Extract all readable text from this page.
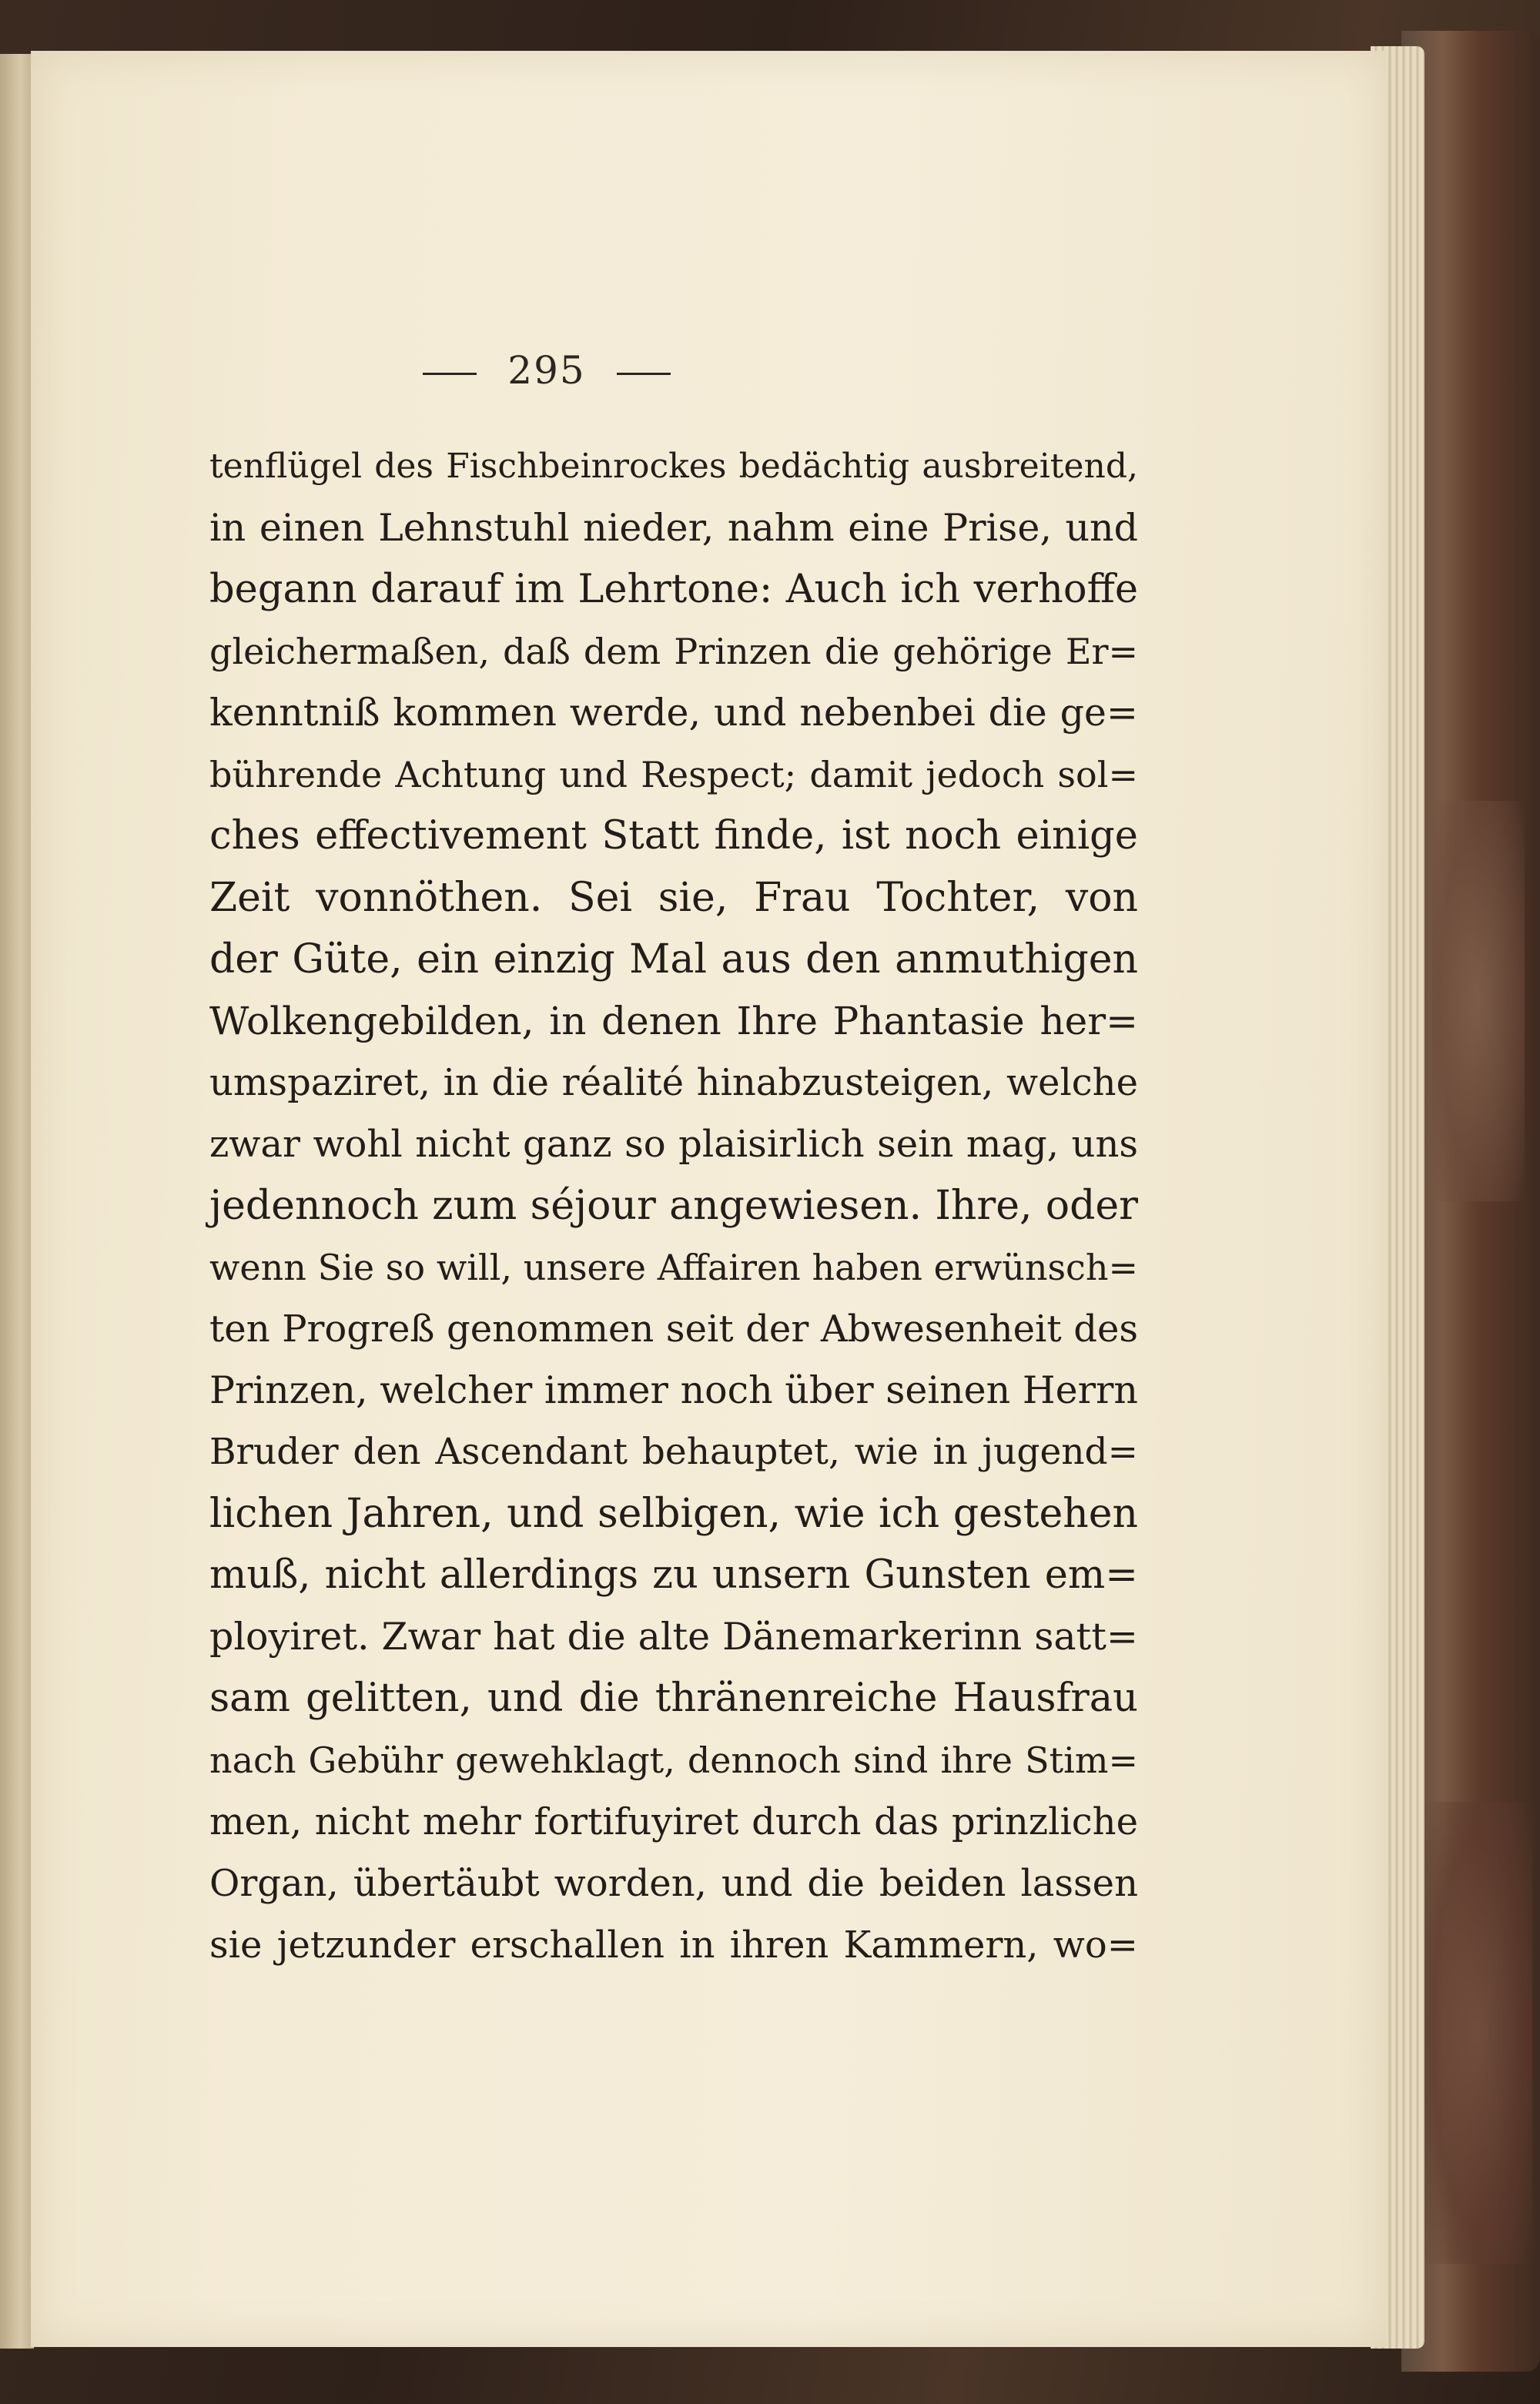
295
tenflügel des Fischbeinrockes bedächtig ausbreitend,
in einen Lehnstuhl nieder, nahm eine Prise, und
begann darauf im Lehrtone: Auch ich verhoffe
gleichermaßen, daß dem Prinzen die gehörige Er=
kenntniß kommen werde, und nebenbei die ge=
bührende Achtung und Respect; damit jedoch sol=
ches effectivement Statt finde, ist noch einige
Zeit vonnöthen. Sei sie, Frau Tochter, von
der Güte, ein einzig Mal aus den anmuthigen
Wolkengebilden, in denen Ihre Phantasie her=
umspaziret, in die réalité hinabzusteigen, welche
zwar wohl nicht ganz so plaisirlich sein mag, uns
jedennoch zum séjour angewiesen. Ihre, oder
wenn Sie so will, unsere Affairen haben erwünsch=
ten Progreß genommen seit der Abwesenheit des
Prinzen, welcher immer noch über seinen Herrn
Bruder den Ascendant behauptet, wie in jugend=
lichen Jahren, und selbigen, wie ich gestehen
muß, nicht allerdings zu unsern Gunsten em=
ployiret. Zwar hat die alte Dänemarkerinn satt=
sam gelitten, und die thränenreiche Hausfrau
nach Gebühr gewehklagt, dennoch sind ihre Stim=
men, nicht mehr fortifuyiret durch das prinzliche
Organ, übertäubt worden, und die beiden lassen
sie jetzunder erschallen in ihren Kammern, wo=
